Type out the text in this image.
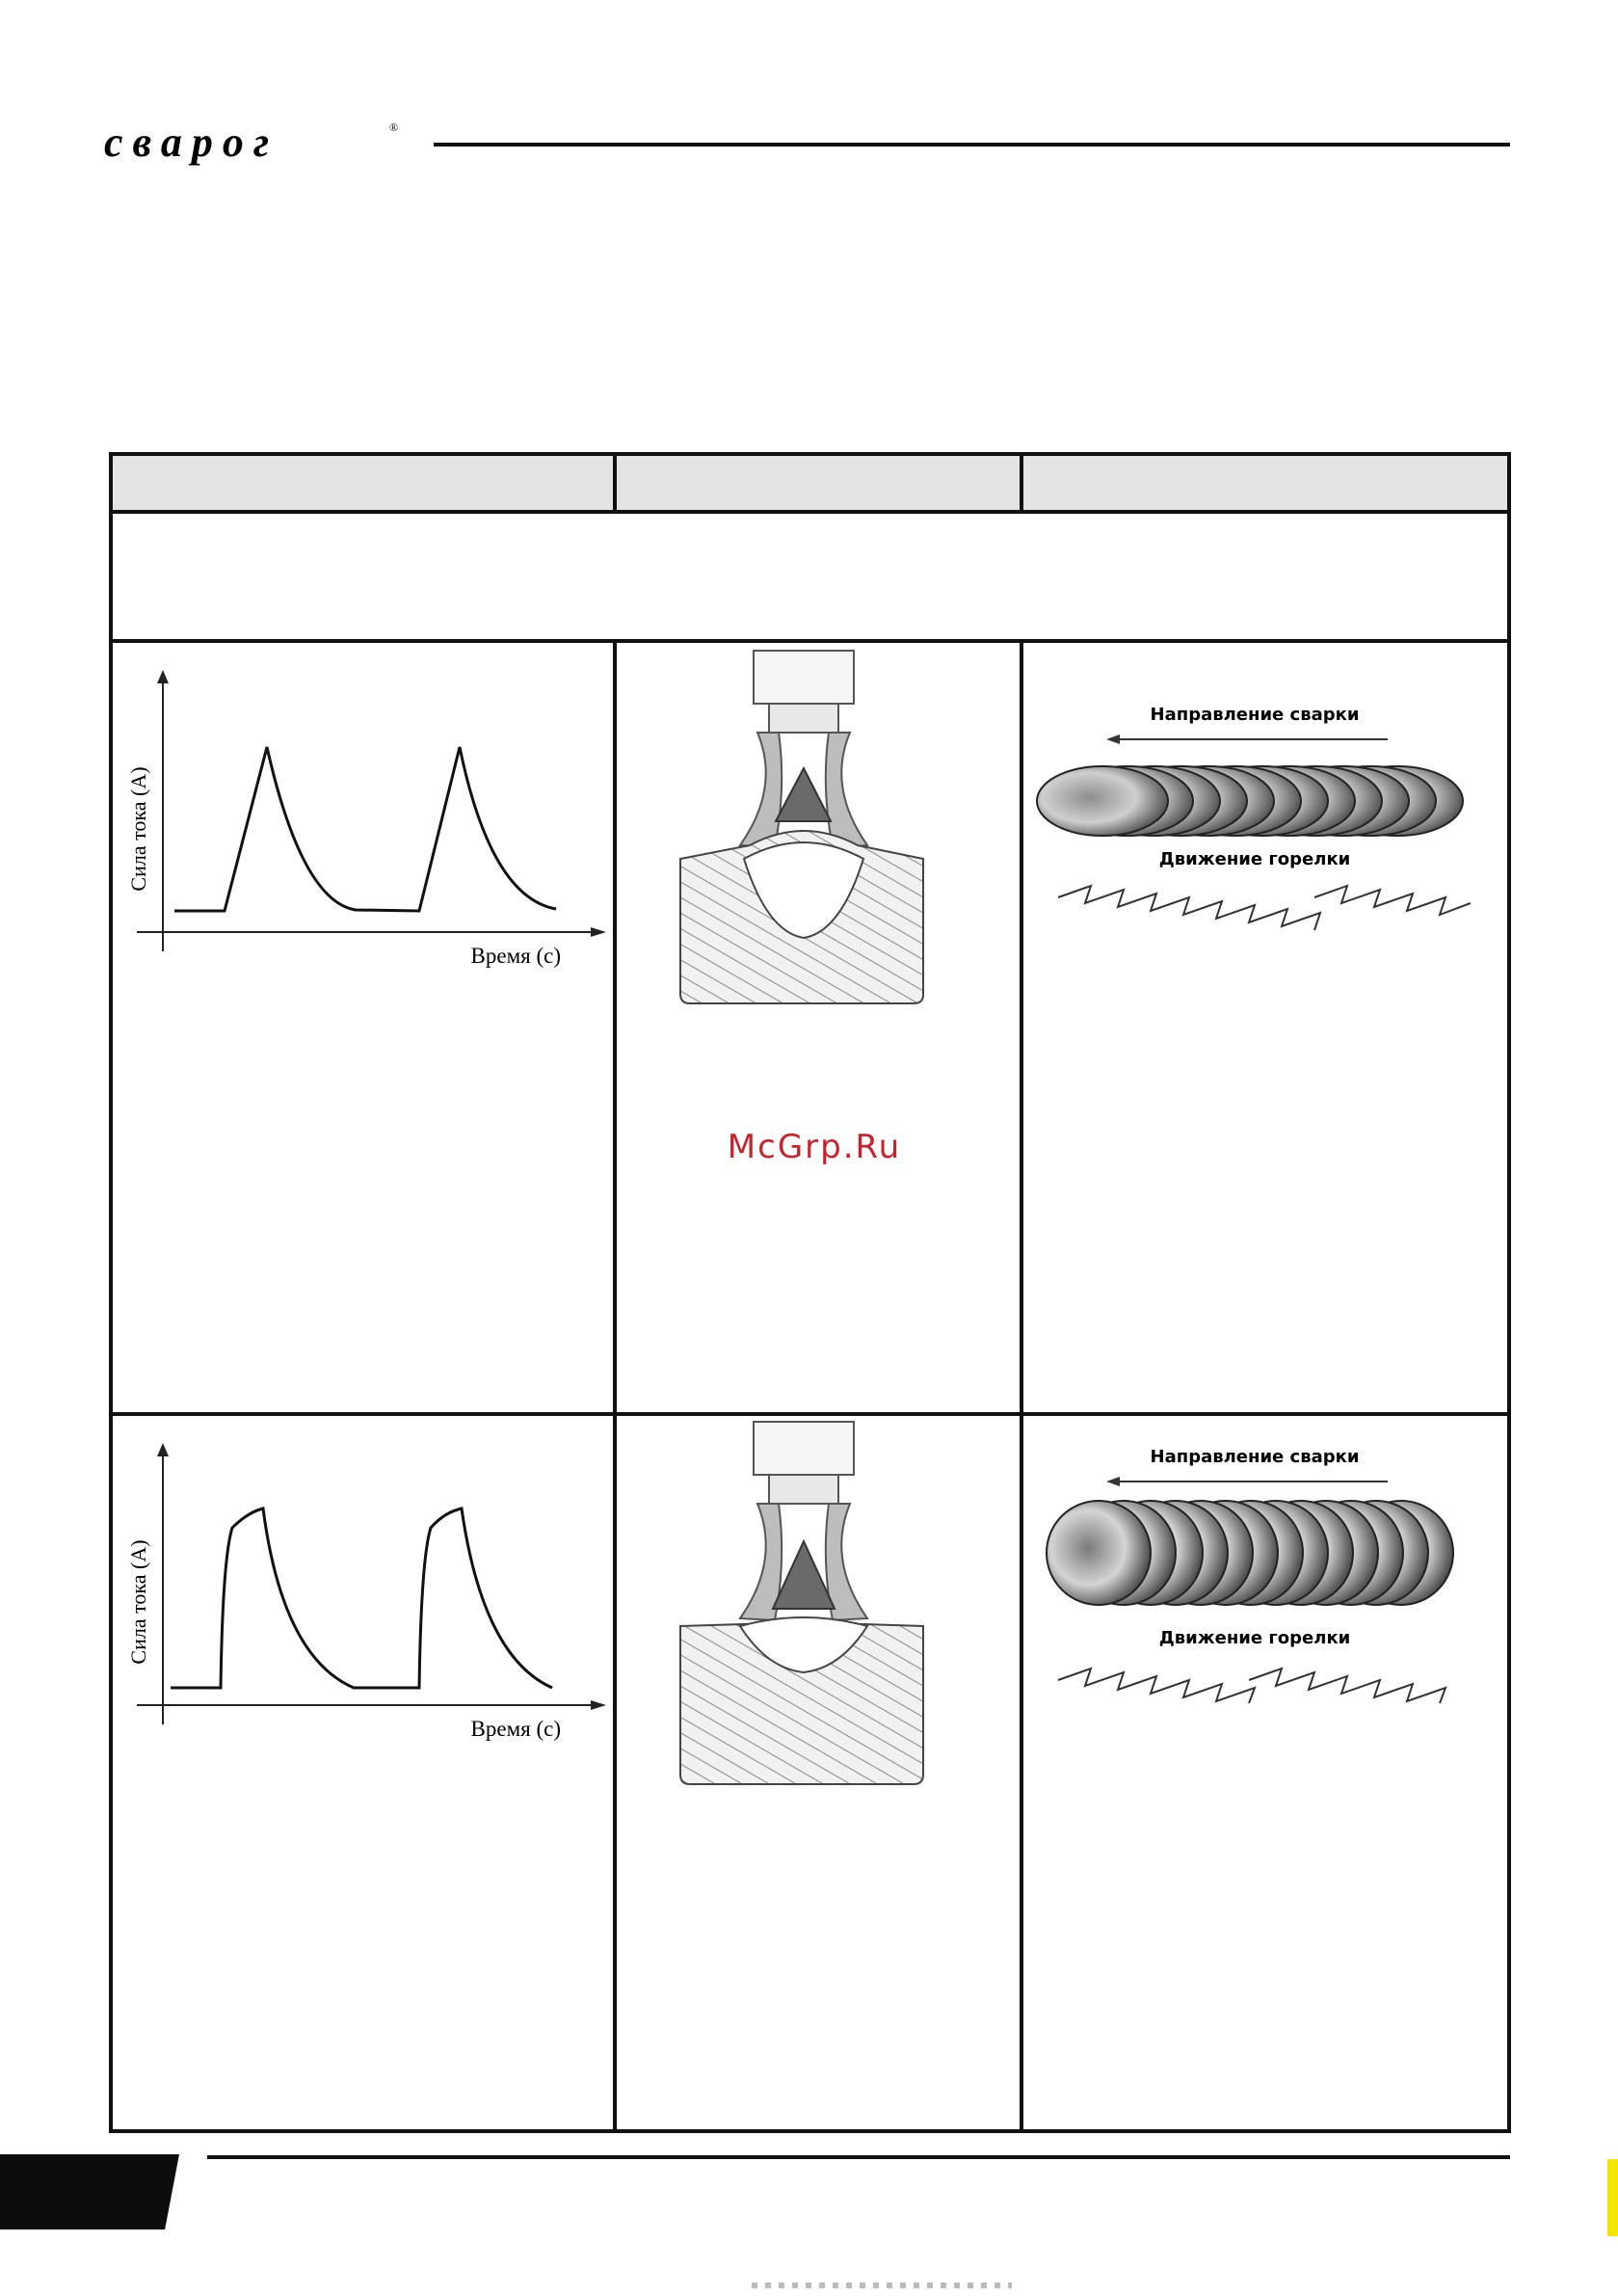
сварог	®
Сила тока (А)
Время (с)
Направление сварки
Движение горелки
Сила тока (А)
Время (с)
Направление сварки
Движение горелки
McGrp.Ru
